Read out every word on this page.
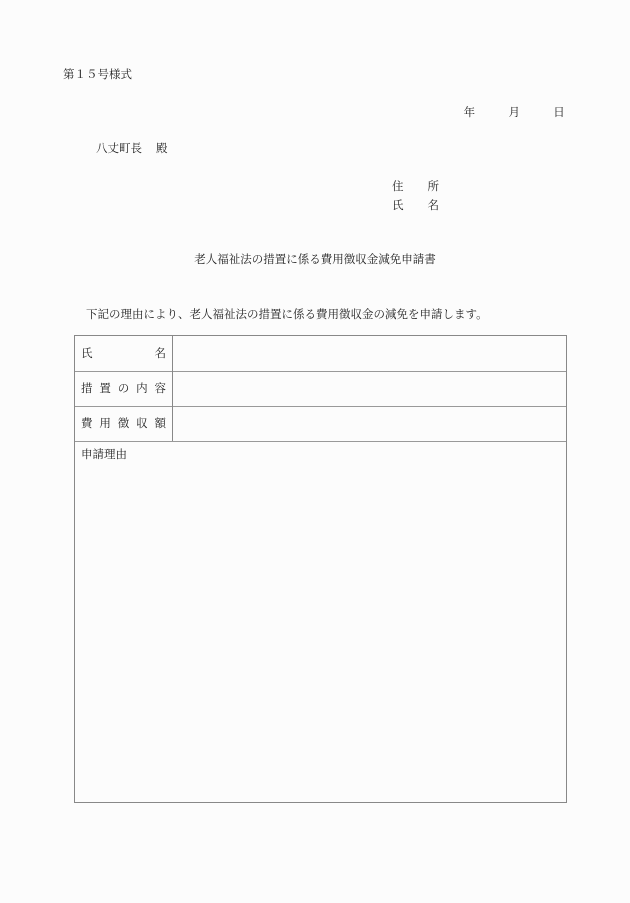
第１５号様式
年	月	日
八丈町長 殿
住 所
氏 名
老人福祉法の措置に係る費用徴収金減免申請書
下記の理由により、老人福祉法の措置に係る費用徴収金の減免を申請します。
氏	名
措 置 の 内 容
費 用 徴 収 額
申請理由
